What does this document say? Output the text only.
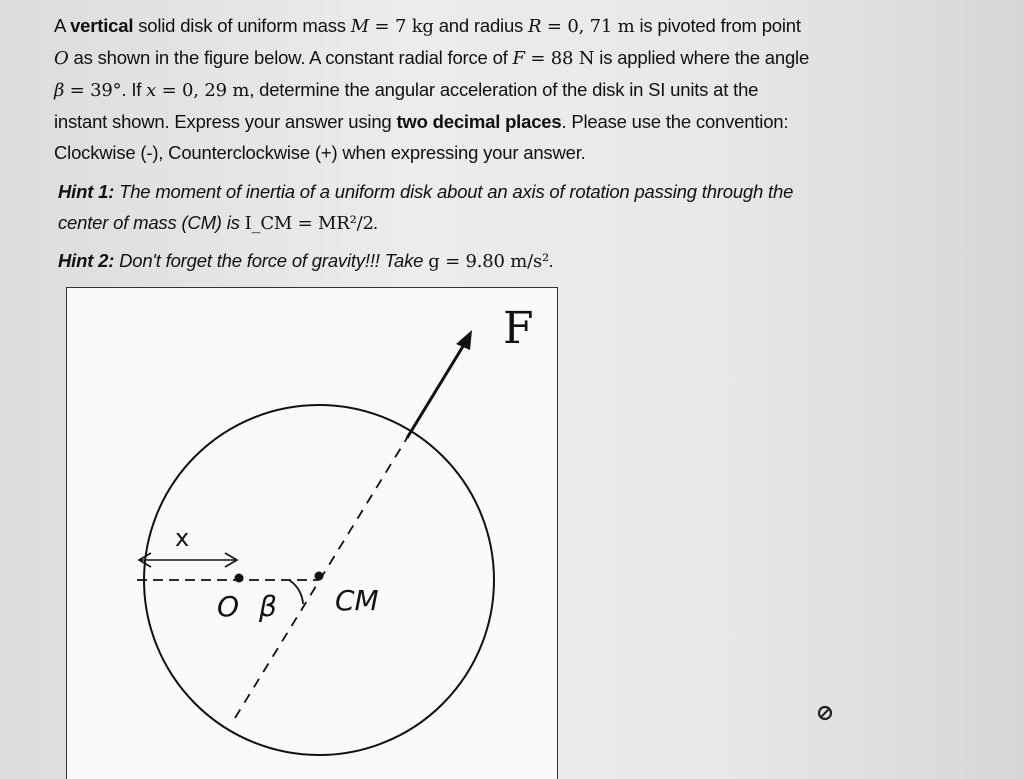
A vertical solid disk of uniform mass M = 7 kg and radius R = 0, 71 m is pivoted from point

O as shown in the figure below. A constant radial force of F = 88 N is applied where the angle

β = 39°. If x = 0, 29 m, determine the angular acceleration of the disk in SI units at the

instant shown. Express your answer using two decimal places. Please use the convention:

Clockwise (-), Counterclockwise (+) when expressing your answer.

Hint 1: The moment of inertia of a uniform disk about an axis of rotation passing through the
center of mass (CM) is I_CM = MR²/2.

Hint 2: Don't forget the force of gravity!!! Take g = 9.80 m/s².

F
x
O β CM
